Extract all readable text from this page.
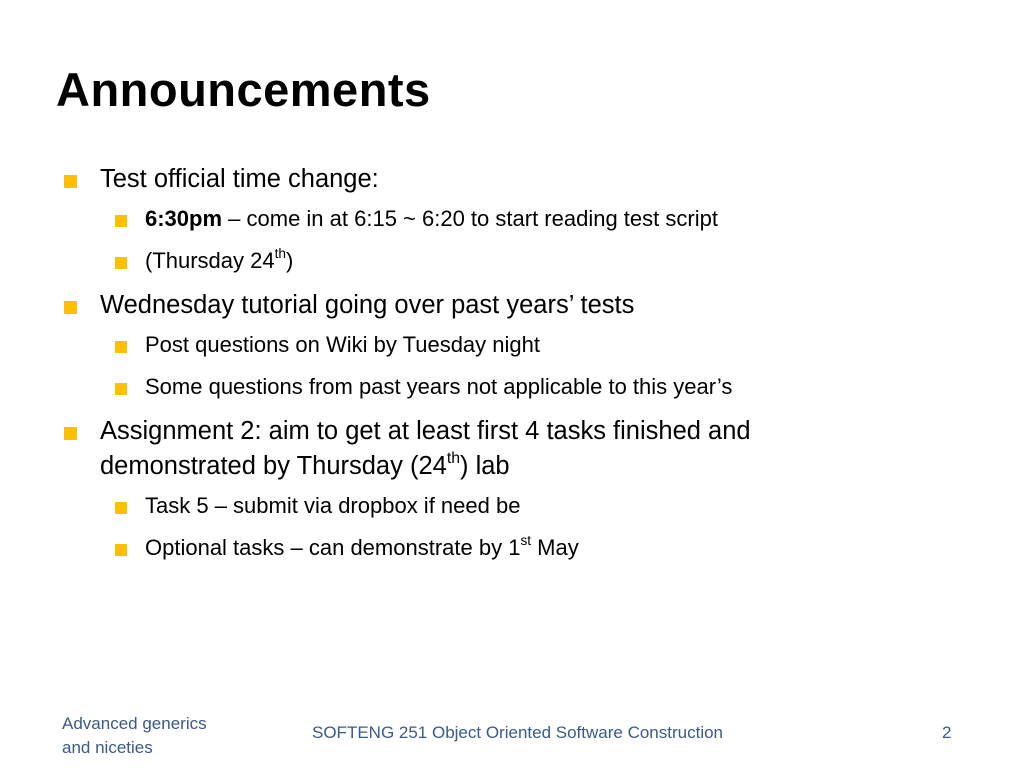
Announcements

Test official time change:

6:30pm – come in at 6:15 ~ 6:20 to start reading test script

(Thursday 24th)

Wednesday tutorial going over past years’ tests

Post questions on Wiki by Tuesday night

Some questions from past years not applicable to this year’s

Assignment 2: aim to get at least first 4 tasks finished and demonstrated by Thursday (24th) lab

Task 5 – submit via dropbox if need be

Optional tasks – can demonstrate by 1st May

Advanced generics
and niceties
SOFTENG 251 Object Oriented Software Construction	2
